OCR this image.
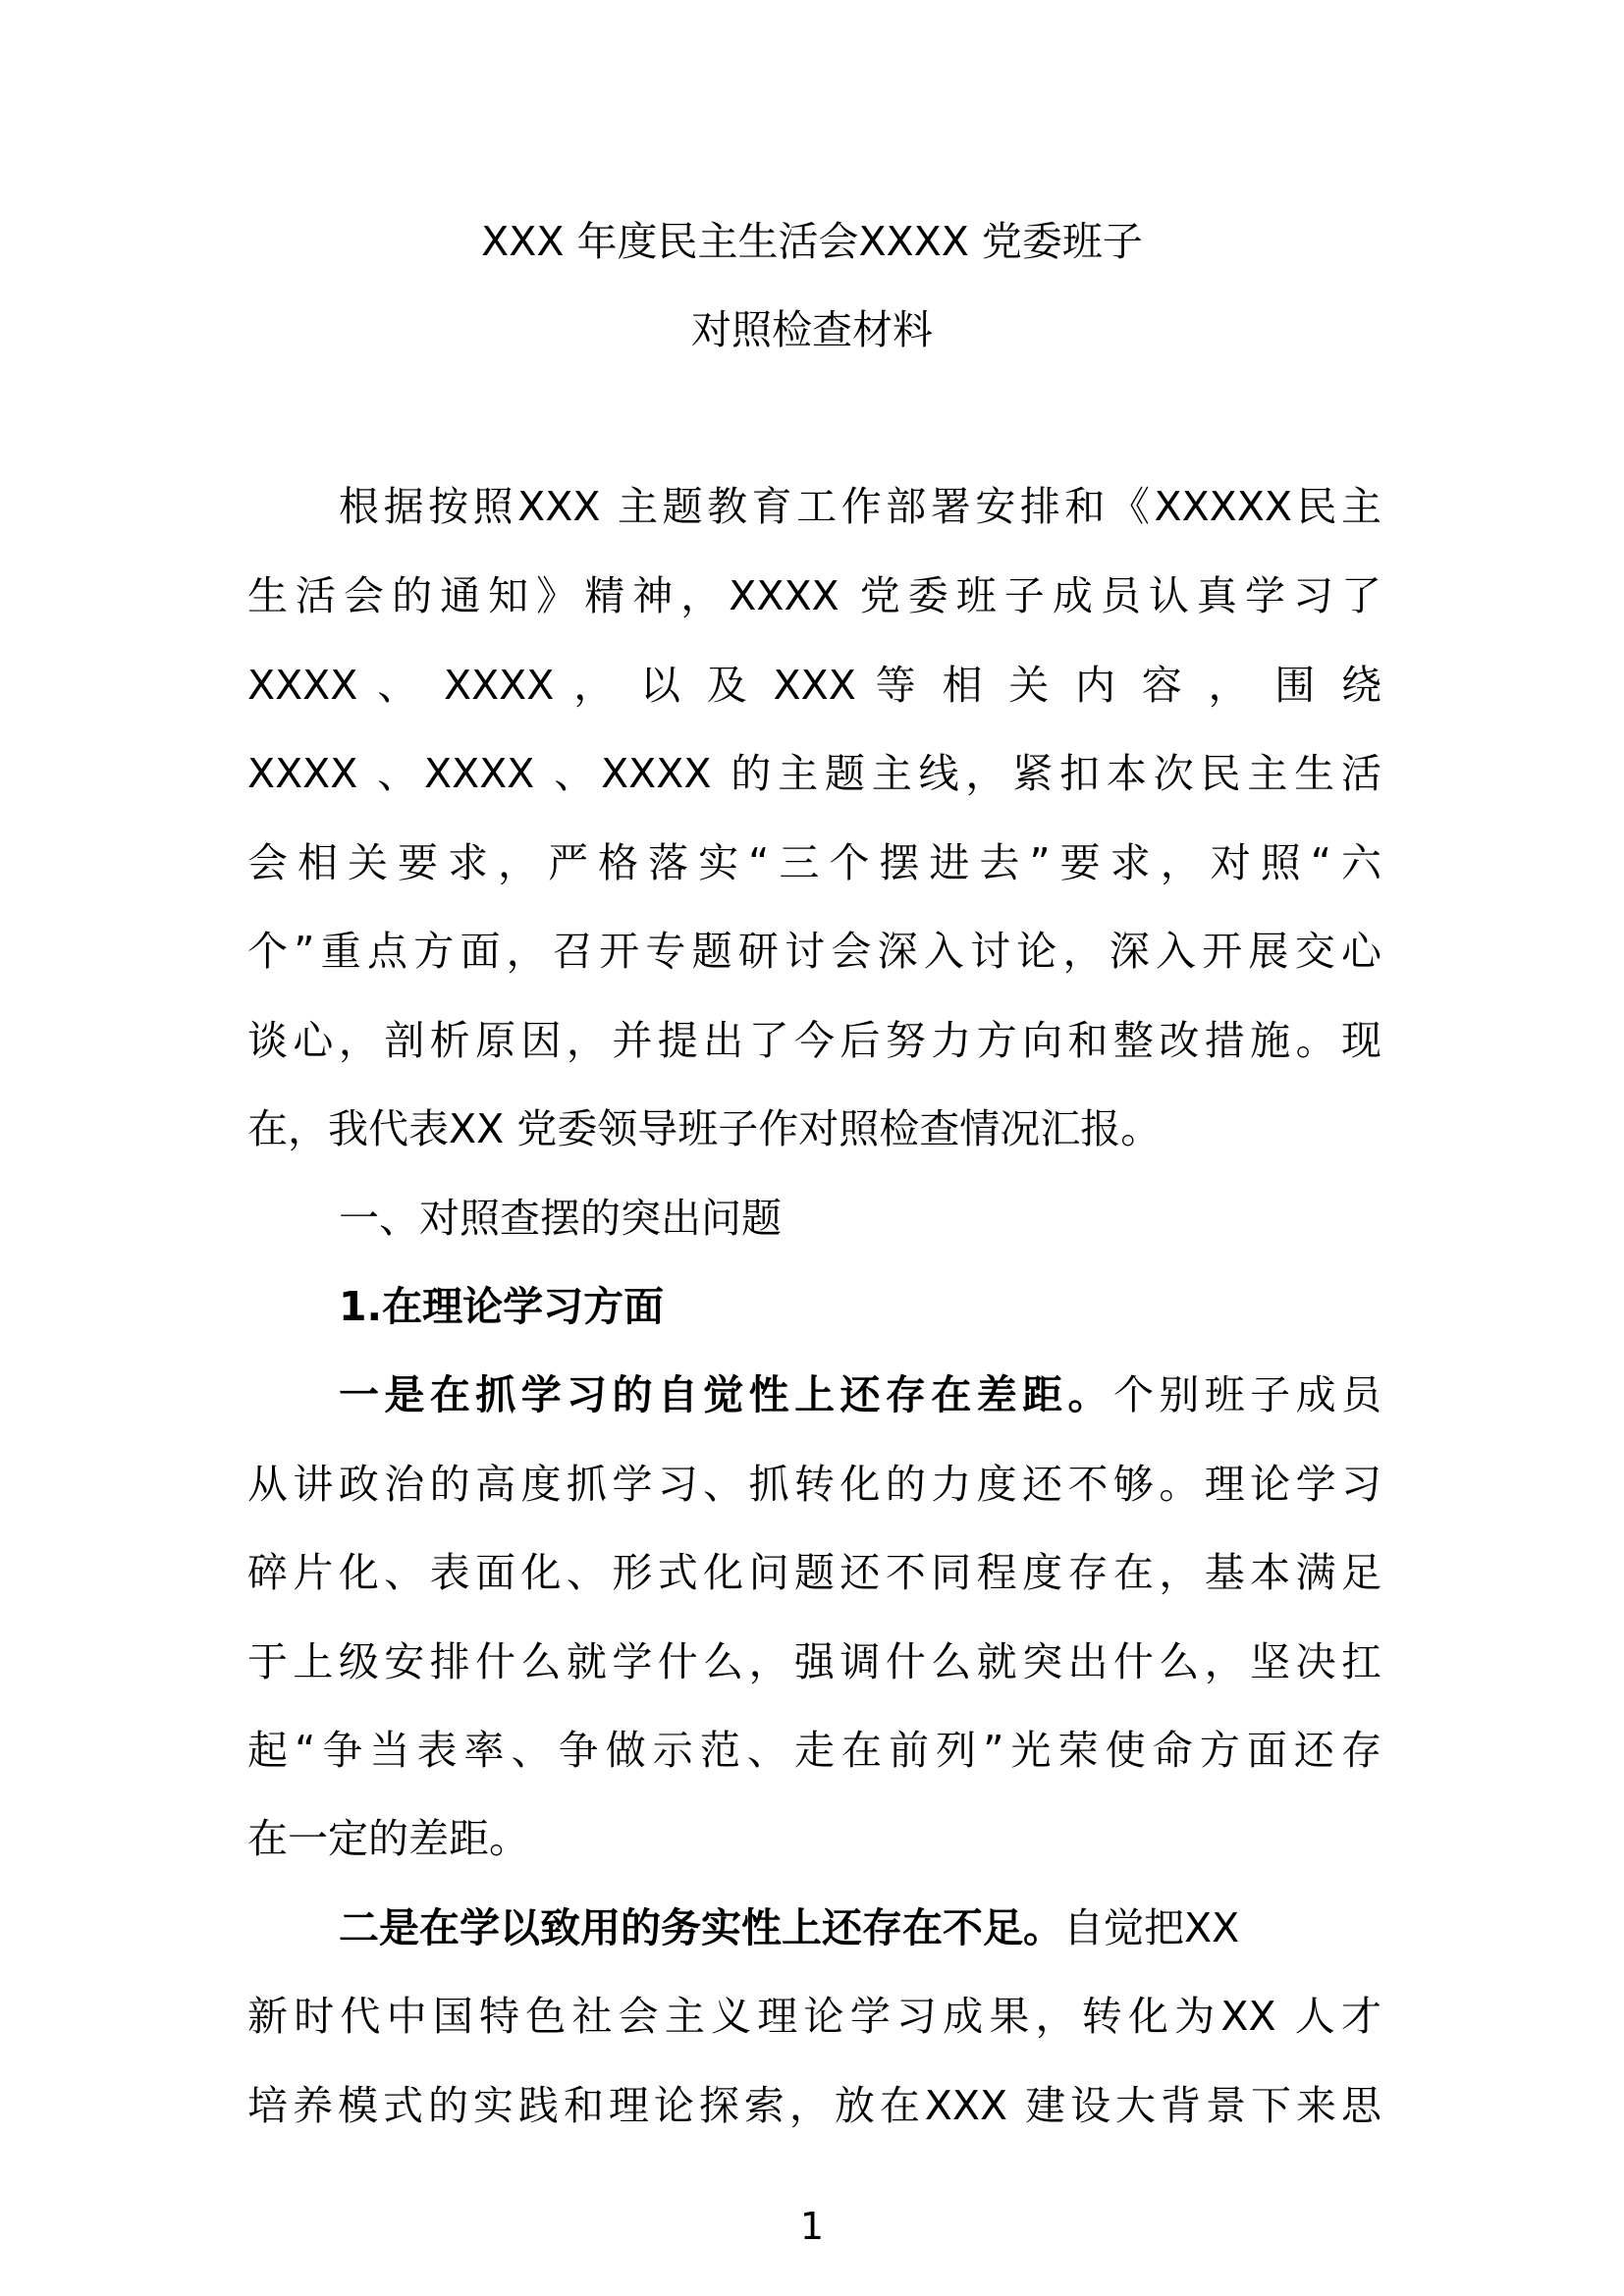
XXX 年度民主生活会XXXX 党委班子
对照检查材料
根据按照XXX 主题教育工作部署安排和《XXXXX民主
生活会的通知》精神，XXXX 党委班子成员认真学习了
XXXX 、 XXXX ， 以 及 XXX 等 相 关 内 容 ， 围 绕
XXXX 、XXXX 、XXXX 的主题主线，紧扣本次民主生活
会相关要求，严格落实“三个摆进去”要求，对照“六
个”重点方面，召开专题研讨会深入讨论，深入开展交心
谈心，剖析原因，并提出了今后努力方向和整改措施。现
在，我代表XX 党委领导班子作对照检查情况汇报。
一、对照查摆的突出问题
1.在理论学习方面
一是在抓学习的自觉性上还存在差距。个别班子成员
从讲政治的高度抓学习、抓转化的力度还不够。理论学习
碎片化、表面化、形式化问题还不同程度存在，基本满足
于上级安排什么就学什么，强调什么就突出什么，坚决扛
起“争当表率、争做示范、走在前列”光荣使命方面还存
在一定的差距。
二是在学以致用的务实性上还存在不足。自觉把XX
新时代中国特色社会主义理论学习成果，转化为XX 人才
培养模式的实践和理论探索，放在XXX 建设大背景下来思
1
